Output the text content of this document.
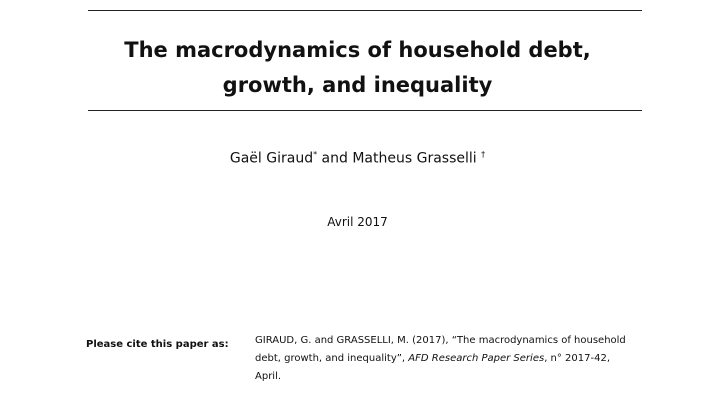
The macrodynamics of household debt,
growth, and inequality
Gaël Giraud* and Matheus Grasselli †
Avril 2017
Please cite this paper as:	GIRAUD, G. and GRASSELLI, M. (2017), “The macrodynamics of household debt, growth, and inequality”, AFD Research Paper Series, n° 2017-42, April.
